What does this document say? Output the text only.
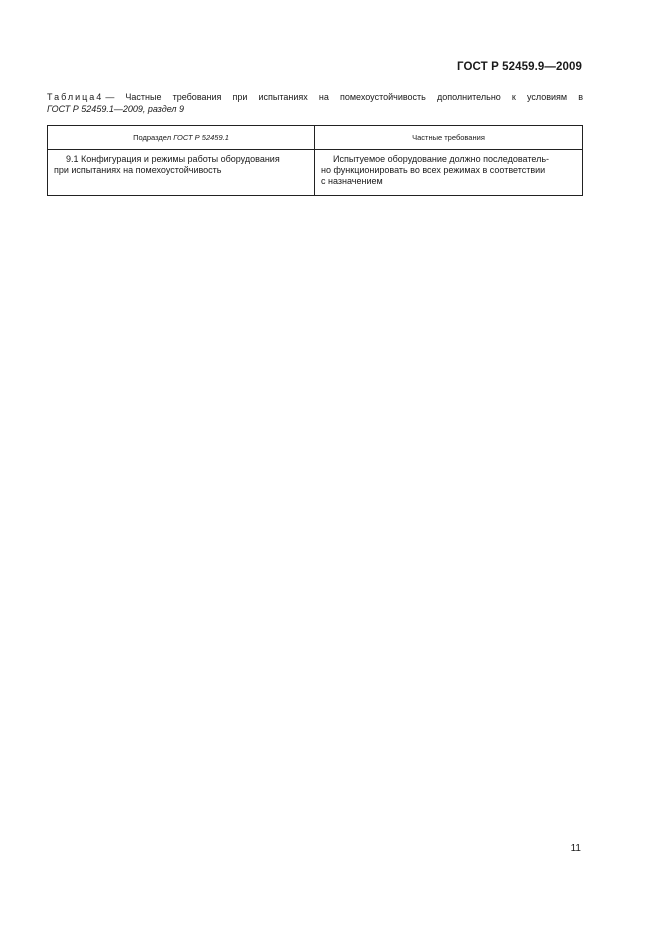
ГОСТ Р 52459.9—2009
Таблица 4 — Частные требования при испытаниях на помехоустойчивость дополнительно к условиям в
ГОСТ Р 52459.1—2009, раздел 9
Подраздел ГОСТ Р 52459.1	Частные требования

9.1 Конфигурация и режимы работы оборудования
при испытаниях на помехоустойчивость	Испытуемое оборудование должно последователь-
но функционировать во всех режимах в соответствии
с назначением
11
